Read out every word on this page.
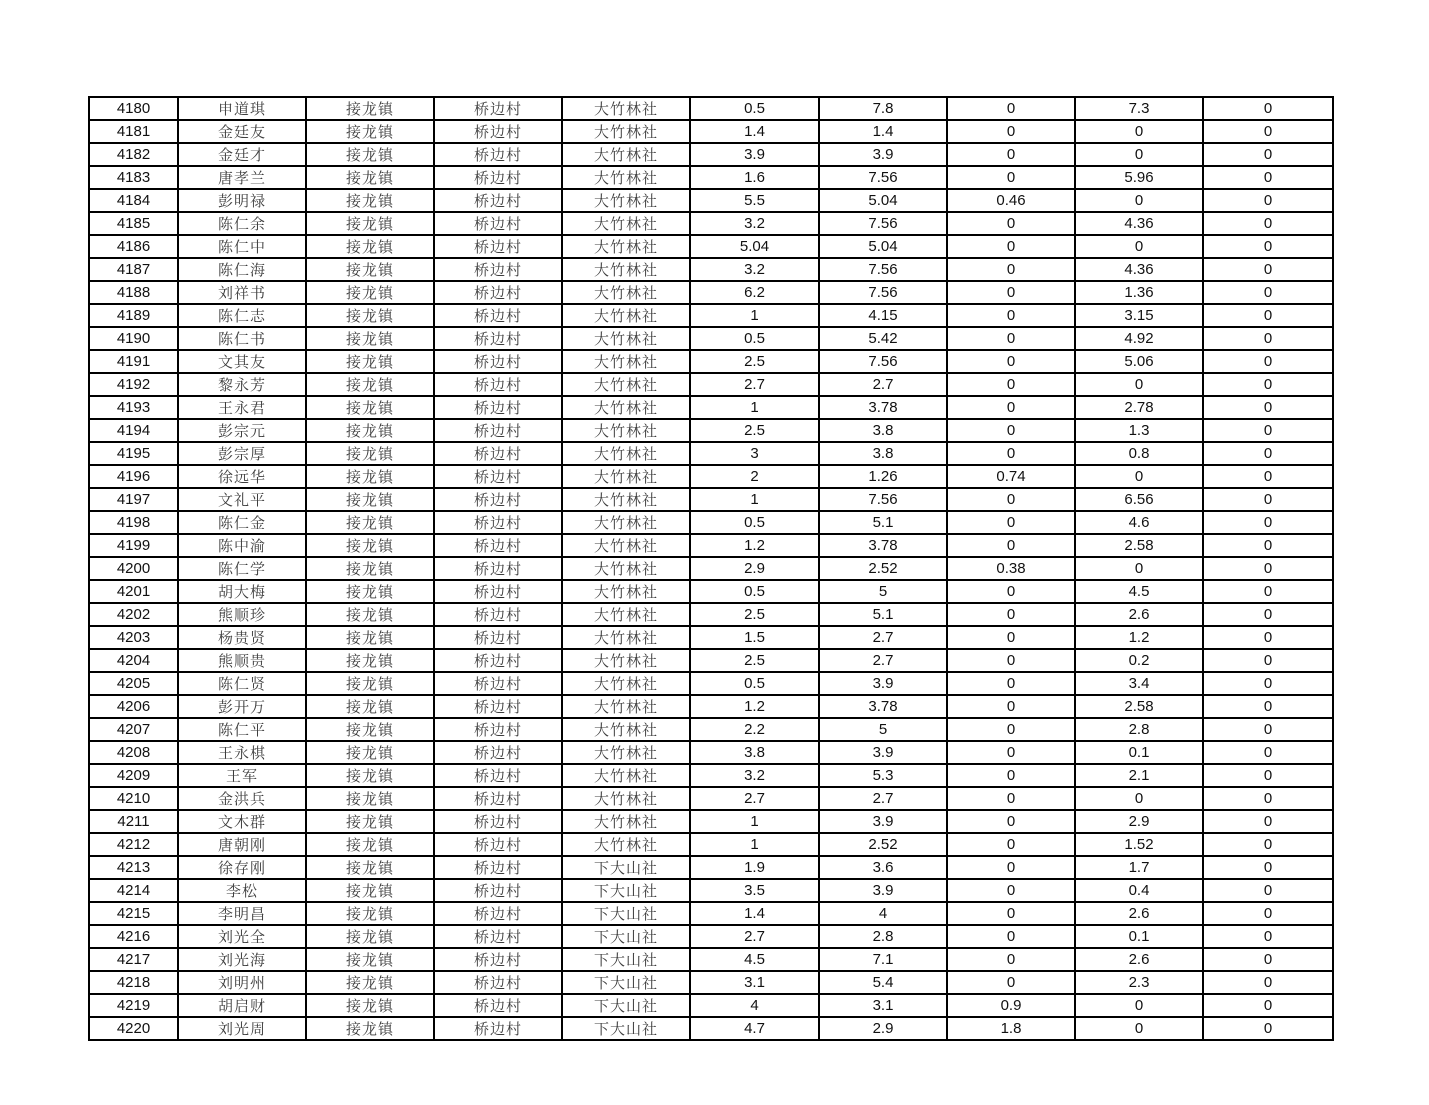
4180	申道琪	接龙镇	桥边村	大竹林社	0.5	7.8	0	7.3	0
4181	金廷友	接龙镇	桥边村	大竹林社	1.4	1.4	0	0	0
4182	金廷才	接龙镇	桥边村	大竹林社	3.9	3.9	0	0	0
4183	唐孝兰	接龙镇	桥边村	大竹林社	1.6	7.56	0	5.96	0
4184	彭明禄	接龙镇	桥边村	大竹林社	5.5	5.04	0.46	0	0
4185	陈仁余	接龙镇	桥边村	大竹林社	3.2	7.56	0	4.36	0
4186	陈仁中	接龙镇	桥边村	大竹林社	5.04	5.04	0	0	0
4187	陈仁海	接龙镇	桥边村	大竹林社	3.2	7.56	0	4.36	0
4188	刘祥书	接龙镇	桥边村	大竹林社	6.2	7.56	0	1.36	0
4189	陈仁志	接龙镇	桥边村	大竹林社	1	4.15	0	3.15	0
4190	陈仁书	接龙镇	桥边村	大竹林社	0.5	5.42	0	4.92	0
4191	文其友	接龙镇	桥边村	大竹林社	2.5	7.56	0	5.06	0
4192	黎永芳	接龙镇	桥边村	大竹林社	2.7	2.7	0	0	0
4193	王永君	接龙镇	桥边村	大竹林社	1	3.78	0	2.78	0
4194	彭宗元	接龙镇	桥边村	大竹林社	2.5	3.8	0	1.3	0
4195	彭宗厚	接龙镇	桥边村	大竹林社	3	3.8	0	0.8	0
4196	徐远华	接龙镇	桥边村	大竹林社	2	1.26	0.74	0	0
4197	文礼平	接龙镇	桥边村	大竹林社	1	7.56	0	6.56	0
4198	陈仁金	接龙镇	桥边村	大竹林社	0.5	5.1	0	4.6	0
4199	陈中渝	接龙镇	桥边村	大竹林社	1.2	3.78	0	2.58	0
4200	陈仁学	接龙镇	桥边村	大竹林社	2.9	2.52	0.38	0	0
4201	胡大梅	接龙镇	桥边村	大竹林社	0.5	5	0	4.5	0
4202	熊顺珍	接龙镇	桥边村	大竹林社	2.5	5.1	0	2.6	0
4203	杨贵贤	接龙镇	桥边村	大竹林社	1.5	2.7	0	1.2	0
4204	熊顺贵	接龙镇	桥边村	大竹林社	2.5	2.7	0	0.2	0
4205	陈仁贤	接龙镇	桥边村	大竹林社	0.5	3.9	0	3.4	0
4206	彭开万	接龙镇	桥边村	大竹林社	1.2	3.78	0	2.58	0
4207	陈仁平	接龙镇	桥边村	大竹林社	2.2	5	0	2.8	0
4208	王永棋	接龙镇	桥边村	大竹林社	3.8	3.9	0	0.1	0
4209	王军	接龙镇	桥边村	大竹林社	3.2	5.3	0	2.1	0
4210	金洪兵	接龙镇	桥边村	大竹林社	2.7	2.7	0	0	0
4211	文木群	接龙镇	桥边村	大竹林社	1	3.9	0	2.9	0
4212	唐朝刚	接龙镇	桥边村	大竹林社	1	2.52	0	1.52	0
4213	徐存刚	接龙镇	桥边村	下大山社	1.9	3.6	0	1.7	0
4214	李松	接龙镇	桥边村	下大山社	3.5	3.9	0	0.4	0
4215	李明昌	接龙镇	桥边村	下大山社	1.4	4	0	2.6	0
4216	刘光全	接龙镇	桥边村	下大山社	2.7	2.8	0	0.1	0
4217	刘光海	接龙镇	桥边村	下大山社	4.5	7.1	0	2.6	0
4218	刘明州	接龙镇	桥边村	下大山社	3.1	5.4	0	2.3	0
4219	胡启财	接龙镇	桥边村	下大山社	4	3.1	0.9	0	0
4220	刘光周	接龙镇	桥边村	下大山社	4.7	2.9	1.8	0	0
